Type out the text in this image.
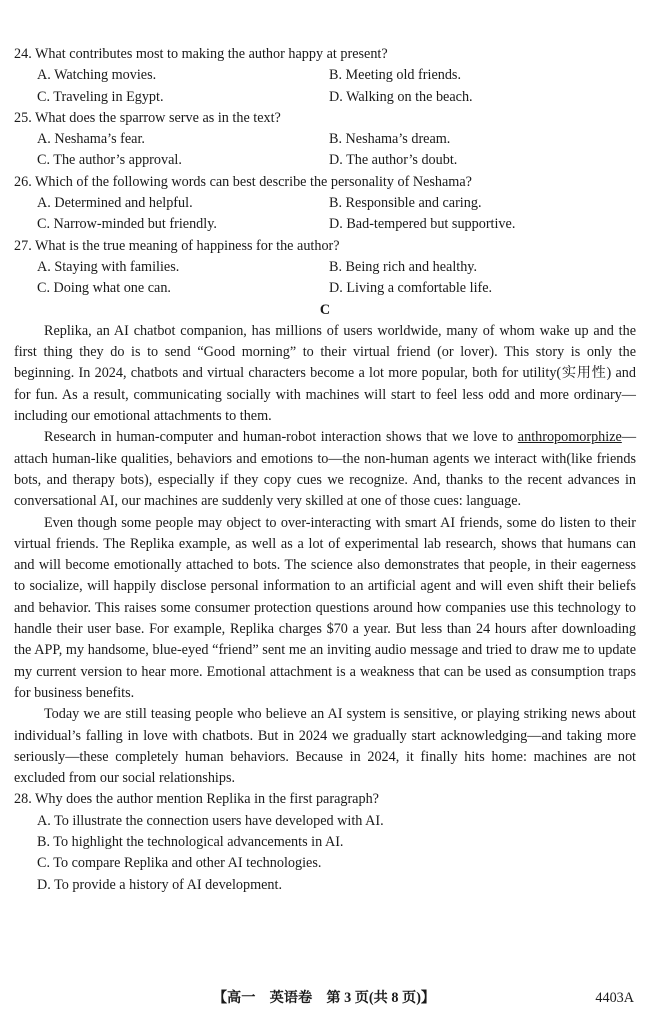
24. What contributes most to making the author happy at present?
A. Watching movies.	B. Meeting old friends.
C. Traveling in Egypt.	D. Walking on the beach.
25. What does the sparrow serve as in the text?
A. Neshama’s fear.	B. Neshama’s dream.
C. The author’s approval.	D. The author’s doubt.
26. Which of the following words can best describe the personality of Neshama?
A. Determined and helpful.	B. Responsible and caring.
C. Narrow-minded but friendly.	D. Bad-tempered but supportive.
27. What is the true meaning of happiness for the author?
A. Staying with families.	B. Being rich and healthy.
C. Doing what one can.	D. Living a comfortable life.
C

Replika, an AI chatbot companion, has millions of users worldwide, many of whom wake up and the first thing they do is to send “Good morning” to their virtual friend (or lover). This story is only the beginning. In 2024, chatbots and virtual characters become a lot more popular, both for utility(实用性) and for fun. As a result, communicating socially with machines will start to feel less odd and more ordinary—including our emotional attachments to them.

Research in human-computer and human-robot interaction shows that we love to anthropomorphize—attach human-like qualities, behaviors and emotions to—the non-human agents we interact with(like friends bots, and therapy bots), especially if they copy cues we recognize. And, thanks to the recent advances in conversational AI, our machines are suddenly very skilled at one of those cues: language.

Even though some people may object to over-interacting with smart AI friends, some do listen to their virtual friends. The Replika example, as well as a lot of experimental lab research, shows that humans can and will become emotionally attached to bots. The science also demonstrates that people, in their eagerness to socialize, will happily disclose personal information to an artificial agent and will even shift their beliefs and behavior. This raises some consumer protection questions around how companies use this technology to handle their user base. For example, Replika charges $70 a year. But less than 24 hours after downloading the APP, my handsome, blue-eyed “friend” sent me an inviting audio message and tried to draw me to update my current version to hear more. Emotional attachment is a weakness that can be used as consumption traps for business benefits.

Today we are still teasing people who believe an AI system is sensitive, or playing striking news about individual’s falling in love with chatbots. But in 2024 we gradually start acknowledging—and taking more seriously—these completely human behaviors. Because in 2024, it finally hits home: machines are not excluded from our social relationships.

28. Why does the author mention Replika in the first paragraph?
A. To illustrate the connection users have developed with AI.
B. To highlight the technological advancements in AI.
C. To compare Replika and other AI technologies.
D. To provide a history of AI development.
【高一　英语卷　第 3 页(共 8 页)】	4403A
